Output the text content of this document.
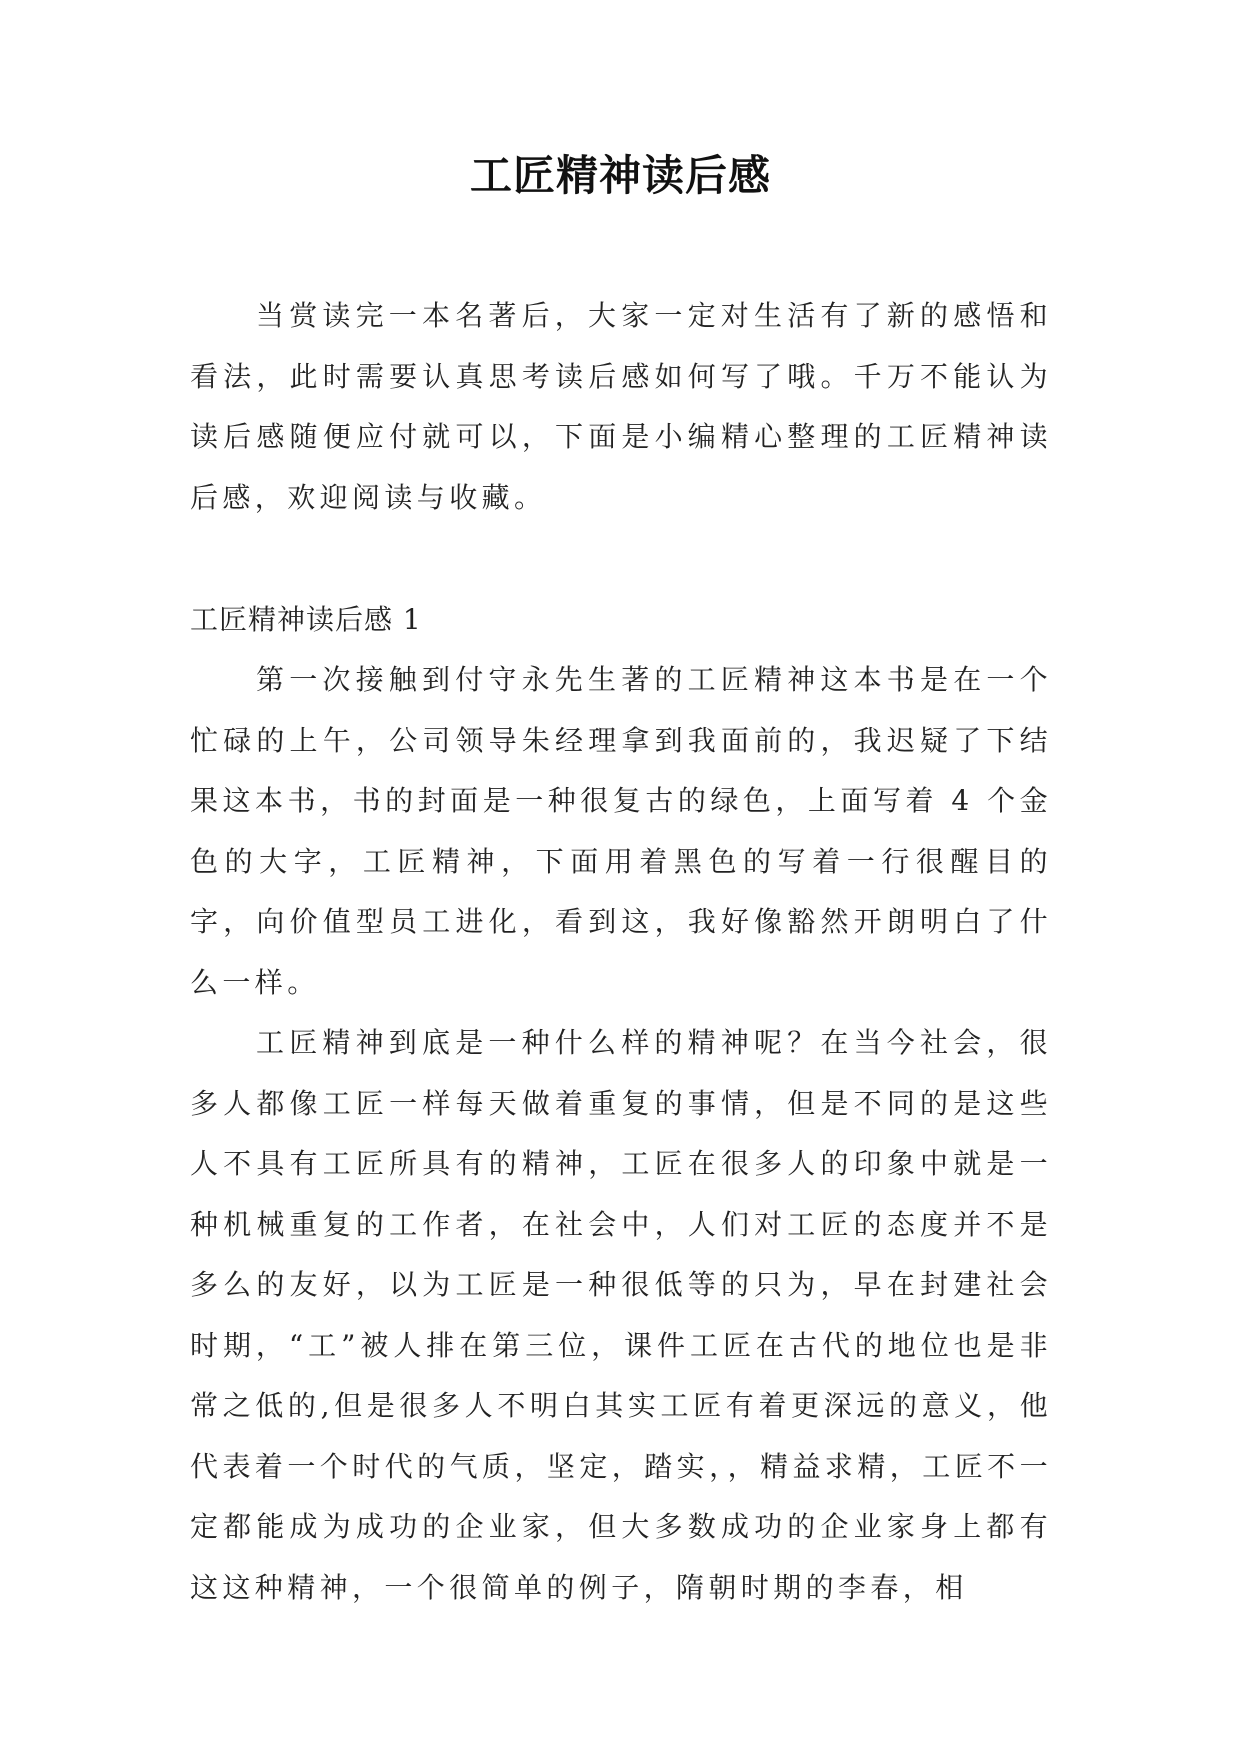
工匠精神读后感

当赏读完一本名著后，大家一定对生活有了新的感悟和看法，此时需要认真思考读后感如何写了哦。千万不能认为读后感随便应付就可以，下面是小编精心整理的工匠精神读后感，欢迎阅读与收藏。

工匠精神读后感 1

第一次接触到付守永先生著的工匠精神这本书是在一个忙碌的上午，公司领导朱经理拿到我面前的，我迟疑了下结果这本书，书的封面是一种很复古的绿色，上面写着 4 个金色的大字，工匠精神，下面用着黑色的写着一行很醒目的字，向价值型员工进化，看到这，我好像豁然开朗明白了什么一样。

工匠精神到底是一种什么样的精神呢？在当今社会，很多人都像工匠一样每天做着重复的事情，但是不同的是这些人不具有工匠所具有的精神，工匠在很多人的印象中就是一种机械重复的工作者，在社会中，人们对工匠的态度并不是多么的友好，以为工匠是一种很低等的只为，早在封建社会时期，“工”被人排在第三位，课件工匠在古代的地位也是非常之低的,但是很多人不明白其实工匠有着更深远的意义，他代表着一个时代的气质，坚定，踏实，，精益求精，工匠不一定都能成为成功的企业家，但大多数成功的企业家身上都有这这种精神，一个很简单的例子，隋朝时期的李春，相
